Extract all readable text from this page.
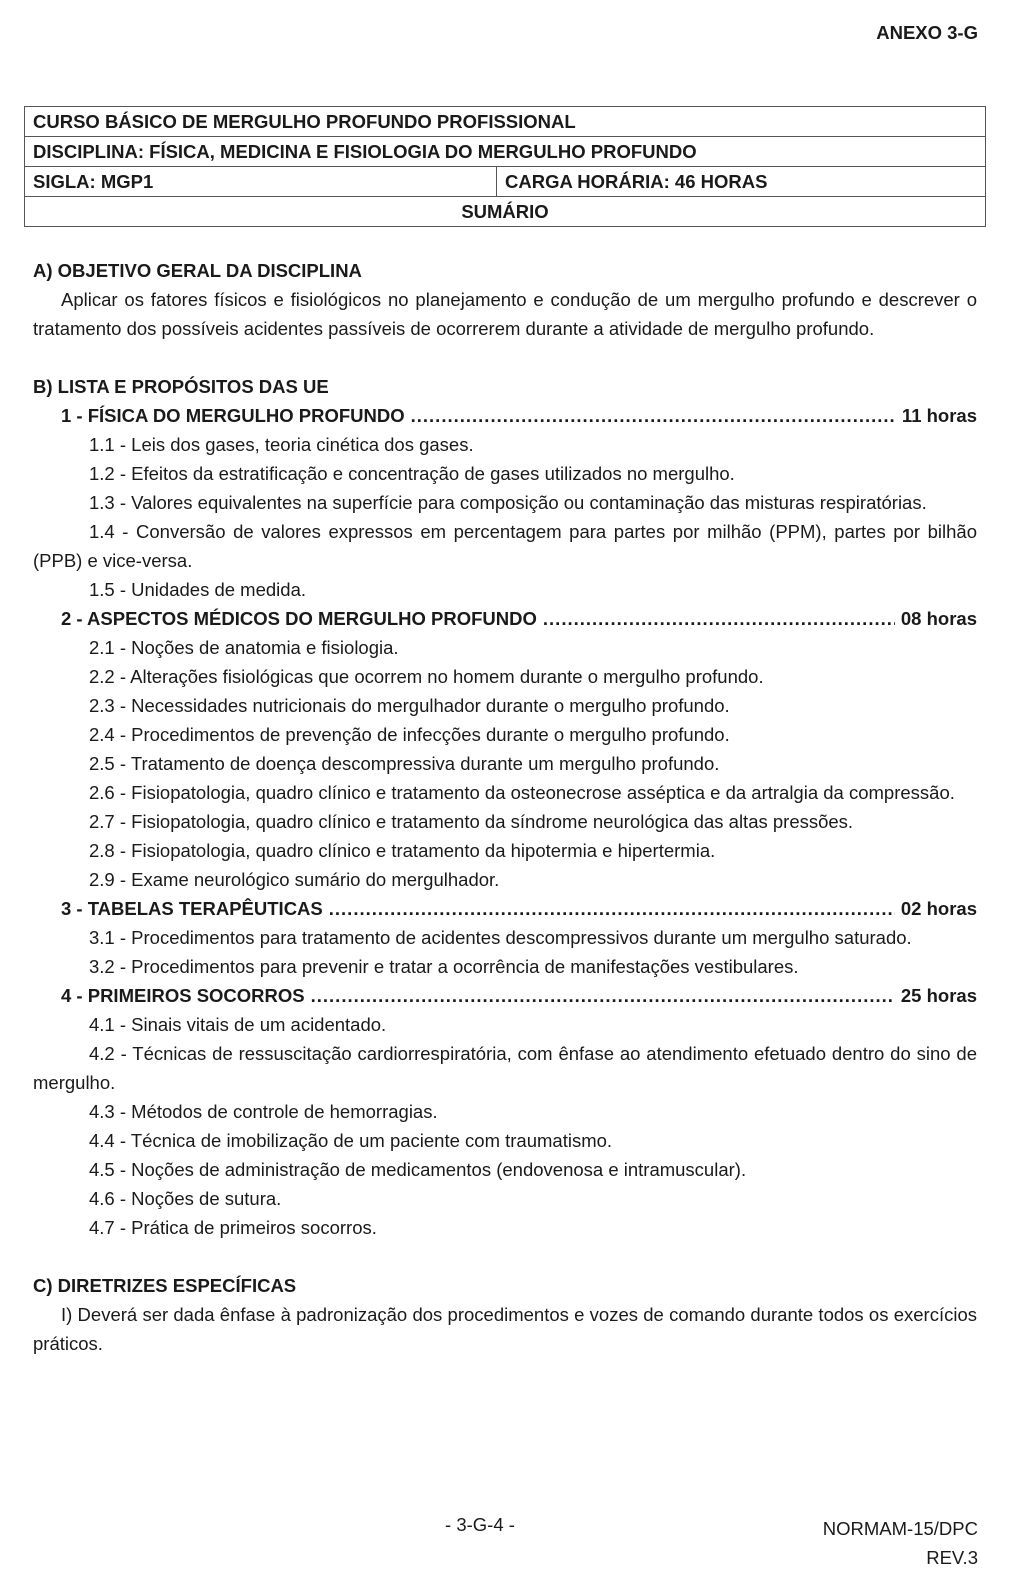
ANEXO 3-G
CURSO BÁSICO DE MERGULHO PROFUNDO PROFISSIONAL
DISCIPLINA: FÍSICA, MEDICINA E FISIOLOGIA DO MERGULHO PROFUNDO
SIGLA: MGP1	CARGA HORÁRIA: 46 HORAS
SUMÁRIO

A) OBJETIVO GERAL DA DISCIPLINA

Aplicar os fatores físicos e fisiológicos no planejamento e condução de um mergulho profundo e descrever o tratamento dos possíveis acidentes passíveis de ocorrerem durante a atividade de mergulho profundo.

B) LISTA E PROPÓSITOS DAS UE

1 - FÍSICA DO MERGULHO PROFUNDO .....	11 horas

1.1 - Leis dos gases, teoria cinética dos gases.

1.2 - Efeitos da estratificação e concentração de gases utilizados no mergulho.

1.3 - Valores equivalentes na superfície para composição ou contaminação das misturas respiratórias.

1.4 - Conversão de valores expressos em percentagem para partes por milhão (PPM), partes por bilhão (PPB) e vice-versa.

1.5 - Unidades de medida.

2 - ASPECTOS MÉDICOS DO MERGULHO PROFUNDO .....	08 horas

2.1 - Noções de anatomia e fisiologia.

2.2 - Alterações fisiológicas que ocorrem no homem durante o mergulho profundo.

2.3 - Necessidades nutricionais do mergulhador durante o mergulho profundo.

2.4 - Procedimentos de prevenção de infecções durante o mergulho profundo.

2.5 - Tratamento de doença descompressiva durante um mergulho profundo.

2.6 - Fisiopatologia, quadro clínico e tratamento da osteonecrose asséptica e da artralgia da compressão.

2.7 - Fisiopatologia, quadro clínico e tratamento da síndrome neurológica das altas pressões.

2.8 - Fisiopatologia, quadro clínico e tratamento da hipotermia e hipertermia.

2.9 - Exame neurológico sumário do mergulhador.

3 - TABELAS TERAPÊUTICAS .....	02 horas

3.1 - Procedimentos para tratamento de acidentes descompressivos durante um mergulho saturado.

3.2 - Procedimentos para prevenir e tratar a ocorrência de manifestações vestibulares.

4 - PRIMEIROS SOCORROS .....	25 horas

4.1 - Sinais vitais de um acidentado.

4.2 - Técnicas de ressuscitação cardiorrespiratória, com ênfase ao atendimento efetuado dentro do sino de mergulho.

4.3 - Métodos de controle de hemorragias.

4.4 - Técnica de imobilização de um paciente com traumatismo.

4.5 - Noções de administração de medicamentos (endovenosa e intramuscular).

4.6 - Noções de sutura.

4.7 - Prática de primeiros socorros.

C) DIRETRIZES ESPECÍFICAS

I) Deverá ser dada ênfase à padronização dos procedimentos e vozes de comando durante todos os exercícios práticos.

- 3-G-4 -	NORMAM-15/DPC
REV.3
